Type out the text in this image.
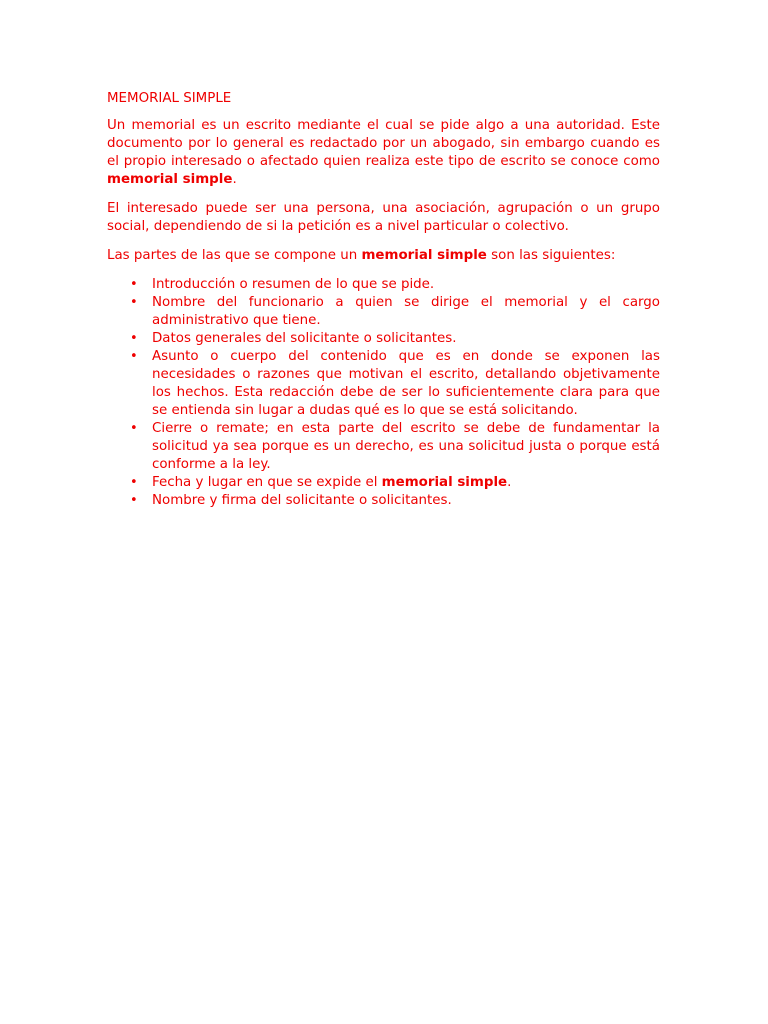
MEMORIAL SIMPLE

Un memorial es un escrito mediante el cual se pide algo a una autoridad. Este documento por lo general es redactado por un abogado, sin embargo cuando es el propio interesado o afectado quien realiza este tipo de escrito se conoce como memorial simple.

El interesado puede ser una persona, una asociación, agrupación o un grupo social, dependiendo de si la petición es a nivel particular o colectivo.

Las partes de las que se compone un memorial simple son las siguientes:

• Introducción o resumen de lo que se pide.
• Nombre del funcionario a quien se dirige el memorial y el cargo administrativo que tiene.
• Datos generales del solicitante o solicitantes.
• Asunto o cuerpo del contenido que es en donde se exponen las necesidades o razones que motivan el escrito, detallando objetivamente los hechos. Esta redacción debe de ser lo suficientemente clara para que se entienda sin lugar a dudas qué es lo que se está solicitando.
• Cierre o remate; en esta parte del escrito se debe de fundamentar la solicitud ya sea porque es un derecho, es una solicitud justa o porque está conforme a la ley.
• Fecha y lugar en que se expide el memorial simple.
• Nombre y firma del solicitante o solicitantes.
